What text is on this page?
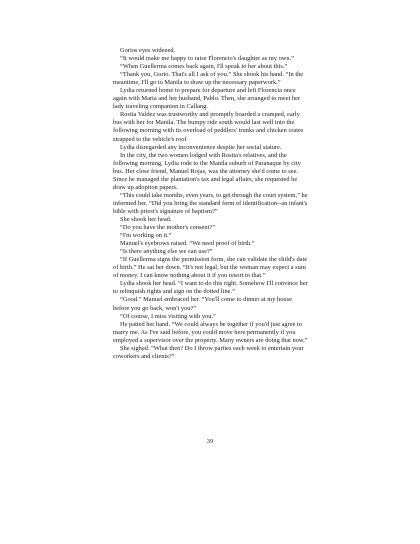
Gorios eyes widened.

“It would make me happy to raise Florencio's daughter as my own.”

“When Guellerma comes back again, I'll speak to her about this.”

“Thank you, Gorio. That's all I ask of you.” She shook his hand. “In the meantime, I'll go to Manila to draw up the necessary paperwork.”

Lydia returned home to prepare for departure and left Florencia once again with Maria and her husband, Pablo. Then, she arranged to meet her lady traveling companion in Callang.

Rosita Valdez was trustworthy and promptly boarded a cramped, early bus with her for Manila. The bumpy ride south would last well into the following morning with its overload of peddlers' trunks and chicken crates strapped to the vehicle's roof

Lydia disregarded any inconvenience despite her social stature.

In the city, the two women lodged with Rosita's relatives, and the following morning, Lydia rode to the Manila suburb of Paranaque by city bus. Her close friend, Manuel Rojas, was the attorney she'd come to see. Since he managed the plantation's tax and legal affairs, she requested he draw up adoption papers.

“This could take months, even years, to get through the court system,” he informed her. “Did you bring the standard form of identification--an infant's bible with priest's signature of baptism?”

She shook her head.

“Do you have the mother's consent?”

“I'm working on it.”

Manuel's eyebrows raised. “We need proof of birth.”

“Is there anything else we can use?”

“If Guellerma signs the permission form, she can validate the child's date of birth.” He sat her down. “It's not legal, but the woman may expect a sum of money. I can know nothing about it if you resort to that.”

Lydia shook her head. “I want to do this right. Somehow I'll convince her to relinquish rights and sign on the dotted line.”

“Good.” Manuel embraced her. “You'll come to dinner at my house before you go back, won't you?”

“Of course, I miss visiting with you.”

He patted her hand. “We could always be together if you'd just agree to marry me. As I've said before, you could move here permanently if you employed a supervisor over the property. Many owners are doing that now.”

She sighed. “What then? Do I throw parties each week to entertain your coworkers and clients?”

39
